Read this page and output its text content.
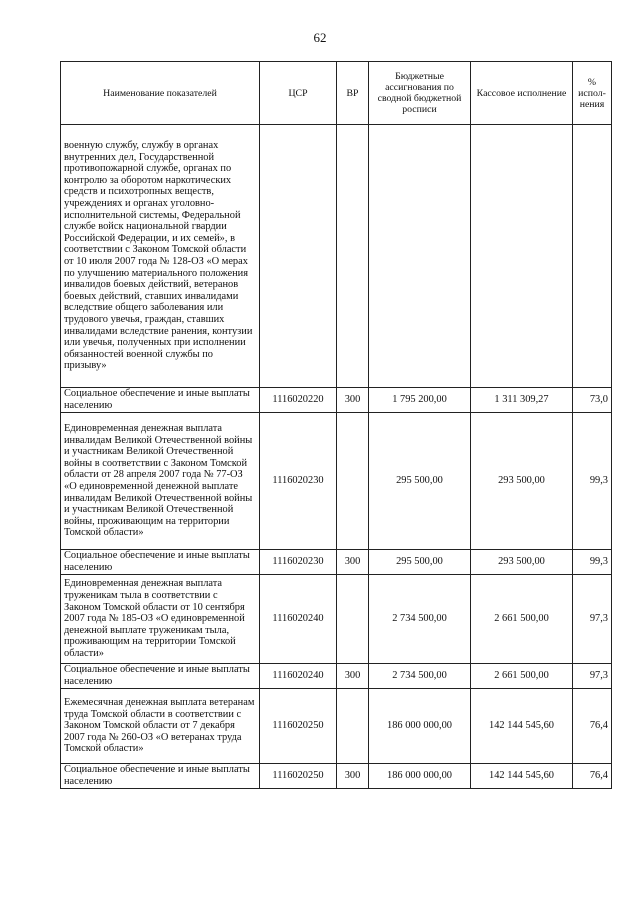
62
Наименование показателей	ЦСР	ВР	Бюджетные ассигнования по сводной бюджетной росписи	Кассовое исполнение	% испол-нения
военную службу, службу в органах внутренних дел, Государственной противопожарной службе, органах по контролю за оборотом наркотических средств и психотропных веществ, учреждениях и органах уголовно-исполнительной системы, Федеральной службе войск национальной гвардии Российской Федерации, и их семей», в соответствии с Законом Томской области от 10 июля 2007 года № 128-ОЗ «О мерах по улучшению материального положения инвалидов боевых действий, ветеранов боевых действий, ставших инвалидами вследствие общего заболевания или трудового увечья, граждан, ставших инвалидами вследствие ранения, контузии или увечья, полученных при исполнении обязанностей военной службы по призыву»					
Социальное обеспечение и иные выплаты населению	1116020220	300	1 795 200,00	1 311 309,27	73,0
Единовременная денежная выплата инвалидам Великой Отечественной войны и участникам Великой Отечественной войны в соответствии с Законом Томской области от 28 апреля 2007 года № 77-ОЗ «О единовременной денежной выплате инвалидам Великой Отечественной войны и участникам Великой Отечественной войны, проживающим на территории Томской области»	1116020230		295 500,00	293 500,00	99,3
Социальное обеспечение и иные выплаты населению	1116020230	300	295 500,00	293 500,00	99,3
Единовременная денежная выплата труженикам тыла в соответствии с Законом Томской области от 10 сентября 2007 года № 185-ОЗ «О единовременной денежной выплате труженикам тыла, проживающим на территории Томской области»	1116020240		2 734 500,00	2 661 500,00	97,3
Социальное обеспечение и иные выплаты населению	1116020240	300	2 734 500,00	2 661 500,00	97,3
Ежемесячная денежная выплата ветеранам труда Томской области в соответствии с Законом Томской области от 7 декабря 2007 года № 260-ОЗ «О ветеранах труда Томской области»	1116020250		186 000 000,00	142 144 545,60	76,4
Социальное обеспечение и иные выплаты населению	1116020250	300	186 000 000,00	142 144 545,60	76,4
